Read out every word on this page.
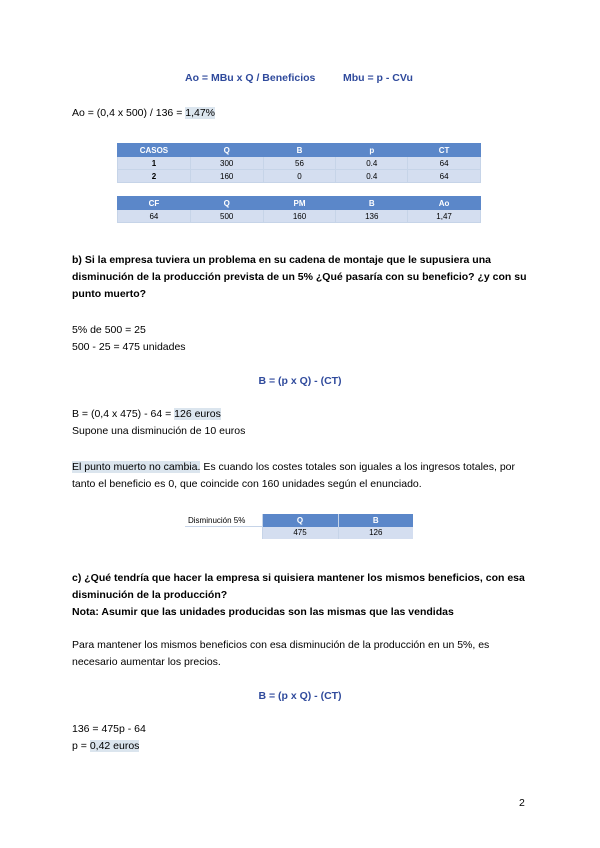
Ao = MBu x Q / Beneficios	Mbu = p - CVu
Ao = (0,4 x 500) / 136 = 1,47%
CASOS	Q	B	p	CT
1	300	56	0.4	64
2	160	0	0.4	64

CF	Q	PM	B	Ao
64	500	160	136	1,47

b) Si la empresa tuviera un problema en su cadena de montaje que le supusiera una disminución de la producción prevista de un 5% ¿Qué pasaría con su beneficio? ¿y con su punto muerto?

5% de 500 = 25

500 - 25 = 475 unidades

B = (p x Q) - (CT)

B = (0,4 x 475) - 64 = 126 euros

Supone una disminución de 10 euros

El punto muerto no cambia. Es cuando los costes totales son iguales a los ingresos totales, por tanto el beneficio es 0, que coincide con 160 unidades según el enunciado.

Disminución 5%	Q	B
	475	126

c) ¿Qué tendría que hacer la empresa si quisiera mantener los mismos beneficios, con esa disminución de la producción?

Nota: Asumir que las unidades producidas son las mismas que las vendidas

Para mantener los mismos beneficios con esa disminución de la producción en un 5%, es necesario aumentar los precios.

B = (p x Q) - (CT)

136 = 475p - 64

p = 0,42 euros

2
